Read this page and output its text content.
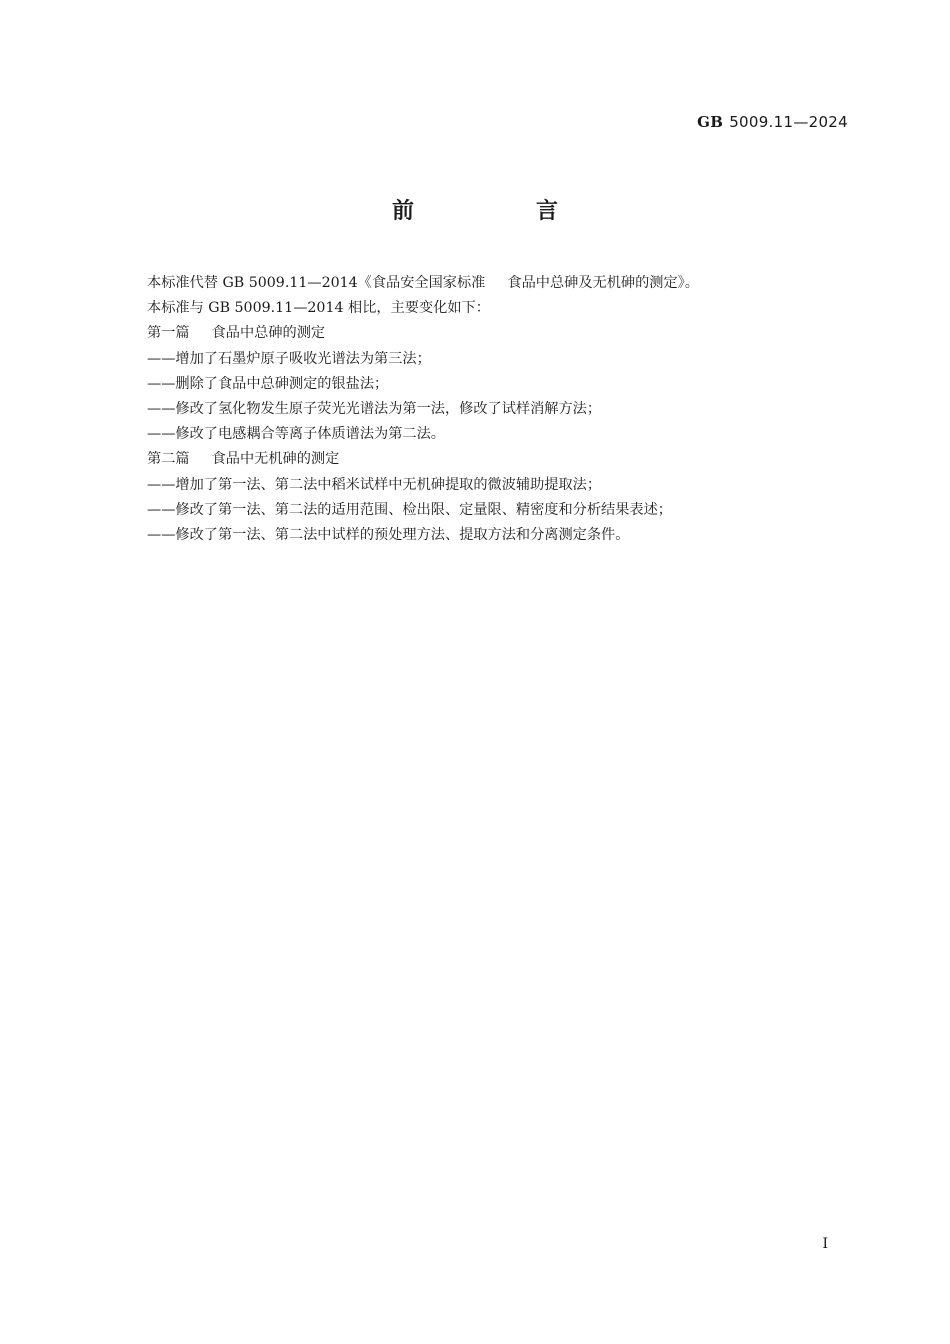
GB 5009.11—2024
前　言

本标准代替 GB 5009.11—2014《食品安全国家标准 食品中总砷及无机砷的测定》。

本标准与 GB 5009.11—2014 相比，主要变化如下：

第一篇 食品中总砷的测定

——增加了石墨炉原子吸收光谱法为第三法；

——删除了食品中总砷测定的银盐法；

——修改了氢化物发生原子荧光光谱法为第一法，修改了试样消解方法；

——修改了电感耦合等离子体质谱法为第二法。

第二篇 食品中无机砷的测定

——增加了第一法、第二法中稻米试样中无机砷提取的微波辅助提取法；

——修改了第一法、第二法的适用范围、检出限、定量限、精密度和分析结果表述；

——修改了第一法、第二法中试样的预处理方法、提取方法和分离测定条件。

I
